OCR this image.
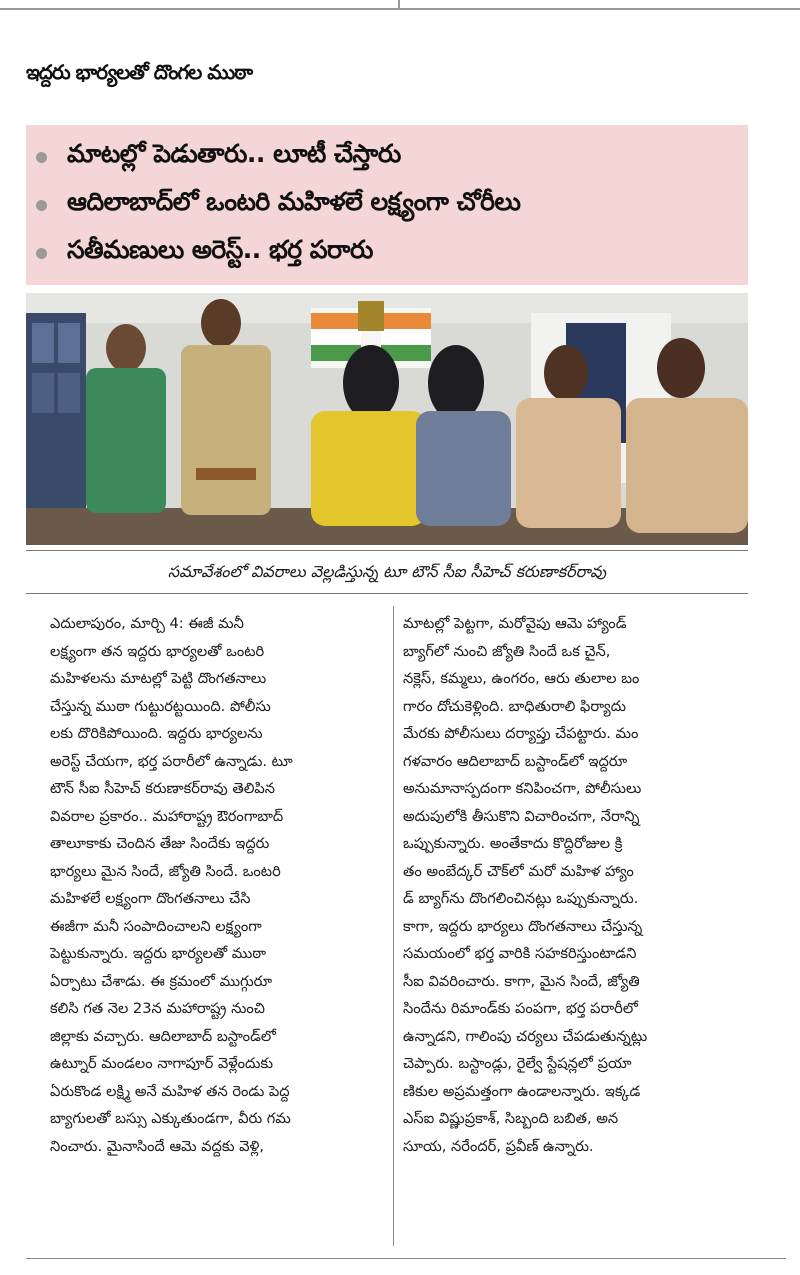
ఇద్దరు భార్యలతో దొంగల ముఠా
మాటల్లో పెడుతారు.. లూటీ చేస్తారు
ఆదిలాబాద్‌లో ఒంటరి మహిళలే లక్ష్యంగా చోరీలు
సతీమణులు అరెస్ట్.. భర్త పరారు
సమావేశంలో వివరాలు వెల్లడిస్తున్న టూ టౌన్ సీఐ సీహెచ్ కరుణాకర్‌రావు
ఎదులాపురం, మార్చి 4: ఈజీ మనీ
లక్ష్యంగా తన ఇద్దరు భార్యలతో ఒంటరి
మహిళలను మాటల్లో పెట్టి దొంగతనాలు
చేస్తున్న ముఠా గుట్టురట్టయింది. పోలీసు
లకు దొరికిపోయింది. ఇద్దరు భార్యలను
అరెస్ట్ చేయగా, భర్త పరారీలో ఉన్నాడు. టూ
టౌన్ సీఐ సీహెచ్ కరుణాకర్‌రావు తెలిపిన
వివరాల ప్రకారం.. మహారాష్ట్ర ఔరంగాబాద్
తాలూకాకు చెందిన తేజు సిందేకు ఇద్దరు
భార్యలు మైన సిందే, జ్యోతి సిందే. ఒంటరి
మహిళలే లక్ష్యంగా దొంగతనాలు చేసి
ఈజీగా మనీ సంపాదించాలని లక్ష్యంగా
పెట్టుకున్నారు. ఇద్దరు భార్యలతో ముఠా
ఏర్పాటు చేశాడు. ఈ క్రమంలో ముగ్గురూ
కలిసి గత నెల 23న మహారాష్ట్ర నుంచి
జిల్లాకు వచ్చారు. ఆదిలాబాద్ బస్టాండ్‌లో
ఉట్నూర్ మండలం నాగాపూర్ వెళ్లేందుకు
ఏరుకొండ లక్ష్మి అనే మహిళ తన రెండు పెద్ద
బ్యాగులతో బస్సు ఎక్కుతుండగా, వీరు గమ
నించారు. మైనాసిందే ఆమె వద్దకు వెళ్లి,
మాటల్లో పెట్టగా, మరోవైపు ఆమె హ్యాండ్
బ్యాగ్‌లో నుంచి జ్యోతి సిందే ఒక చైన్,
నక్లెస్, కమ్మలు, ఉంగరం, ఆరు తులాల బం
గారం దోచుకెళ్లింది. బాధితురాలి ఫిర్యాదు
మేరకు పోలీసులు దర్యాప్తు చేపట్టారు. మం
గళవారం ఆదిలాబాద్ బస్టాండ్‌లో ఇద్దరూ
అనుమానాస్పదంగా కనిపించగా, పోలీసులు
అదుపులోకి తీసుకొని విచారించగా, నేరాన్ని
ఒప్పుకున్నారు. అంతేకాదు కొద్దిరోజుల క్రి
తం అంబేద్కర్ చౌక్‌లో మరో మహిళ హ్యాం
డ్ బ్యాగ్‌ను దొంగలించినట్లు ఒప్పుకున్నారు.
కాగా, ఇద్దరు భార్యలు దొంగతనాలు చేస్తున్న
సమయంలో భర్త వారికి సహకరిస్తుంటాడని
సీఐ వివరించారు. కాగా, మైన సిందే, జ్యోతి
సిందేను రిమాండ్‌కు పంపగా, భర్త పరారీలో
ఉన్నాడని, గాలింపు చర్యలు చేపడుతున్నట్లు
చెప్పారు. బస్టాండ్లు, రైల్వే స్టేషన్లలో ప్రయా
ణికుల అప్రమత్తంగా ఉండాలన్నారు. ఇక్కడ
ఎస్ఐ విష్ణుప్రకాశ్, సిబ్బంది బబిత, అన
సూయ, నరేందర్, ప్రవీణ్ ఉన్నారు.
